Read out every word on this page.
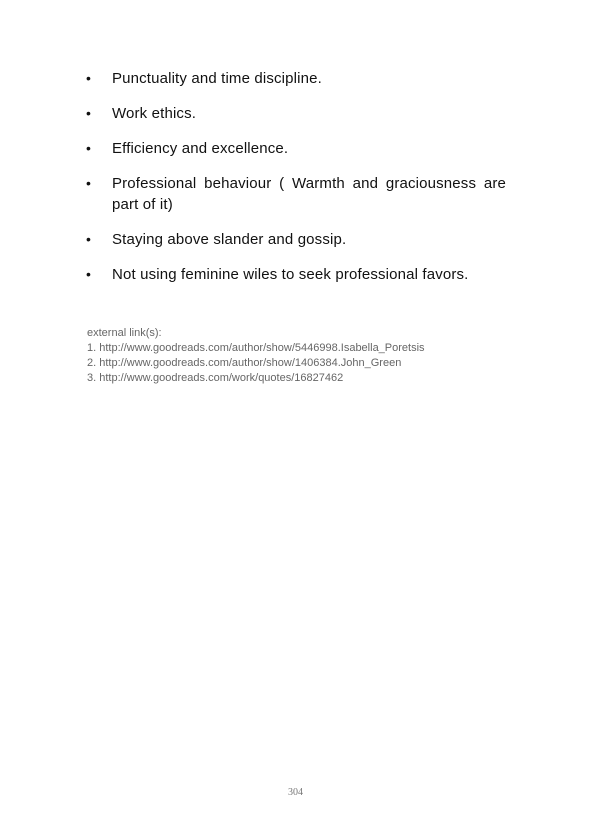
•	Punctuality and time discipline.
•	Work ethics.
•	Efficiency and excellence.
•	Professional behaviour ( Warmth and graciousness are part of it)
•	Staying above slander and gossip.
•	Not using feminine wiles to seek professional favors.
external link(s):
1. http://www.goodreads.com/author/show/5446998.Isabella_Poretsis
2. http://www.goodreads.com/author/show/1406384.John_Green
3. http://www.goodreads.com/work/quotes/16827462
304
